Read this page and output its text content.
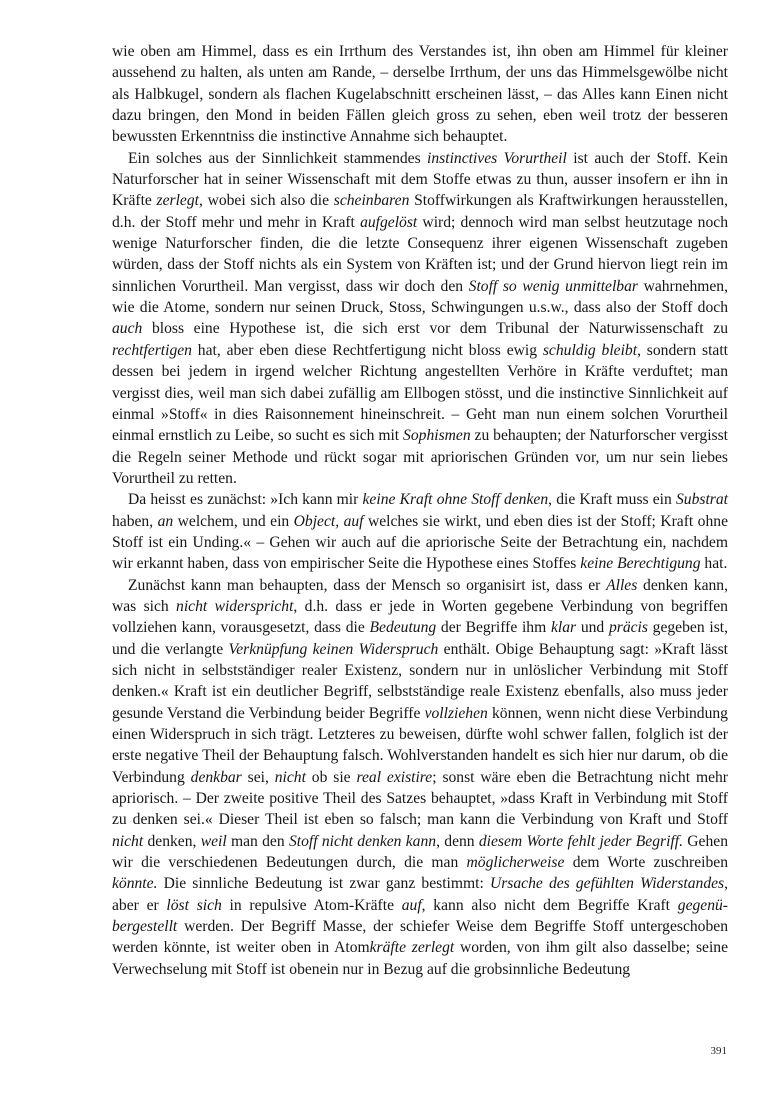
wie oben am Himmel, dass es ein Irrthum des Verstandes ist, ihn oben am Himmel für kleiner aussehend zu halten, als unten am Rande, – derselbe Irrthum, der uns das Himmelsgewölbe nicht als Halbkugel, sondern als flachen Kugelabschnitt erscheinen lässt, – das Alles kann Einen nicht dazu bringen, den Mond in beiden Fällen gleich gross zu sehen, eben weil trotz der besseren bewussten Erkenntniss die instinctive Annahme sich behauptet.

Ein solches aus der Sinnlichkeit stammendes instinctives Vorurtheil ist auch der Stoff. Kein Naturforscher hat in seiner Wissenschaft mit dem Stoffe etwas zu thun, ausser insofern er ihn in Kräfte zerlegt, wobei sich also die scheinbaren Stoffwirkungen als Kraftwirkungen herausstellen, d.h. der Stoff mehr und mehr in Kraft aufgelöst wird; dennoch wird man selbst heutzutage noch wenige Naturforscher finden, die die letzte Consequenz ihrer eigenen Wissenschaft zugeben würden, dass der Stoff nichts als ein System von Kräften ist; und der Grund hiervon liegt rein im sinnlichen Vorurtheil. Man vergisst, dass wir doch den Stoff so wenig unmittelbar wahrnehmen, wie die Atome, sondern nur seinen Druck, Stoss, Schwingungen u.s.w., dass also der Stoff doch auch bloss eine Hypothese ist, die sich erst vor dem Tribunal der Naturwissenschaft zu rechtfertigen hat, aber eben diese Rechtfertigung nicht bloss ewig schuldig bleibt, sondern statt dessen bei jedem in irgend welcher Richtung angestellten Verhöre in Kräfte verduftet; man vergisst dies, weil man sich dabei zufällig am Ellbogen stösst, und die instinctive Sinnlichkeit auf einmal »Stoff« in dies Raisonnement hineinschreit. – Geht man nun einem solchen Vorurtheil einmal ernstlich zu Leibe, so sucht es sich mit Sophismen zu behaupten; der Naturforscher vergisst die Regeln seiner Methode und rückt sogar mit apriorischen Gründen vor, um nur sein liebes Vorurtheil zu retten.

Da heisst es zunächst: »Ich kann mir keine Kraft ohne Stoff denken, die Kraft muss ein Substrat haben, an welchem, und ein Object, auf welches sie wirkt, und eben dies ist der Stoff; Kraft ohne Stoff ist ein Unding.« – Gehen wir auch auf die apriorische Seite der Betrachtung ein, nachdem wir erkannt haben, dass von empirischer Seite die Hypothese eines Stoffes keine Berechtigung hat.

Zunächst kann man behaupten, dass der Mensch so organisirt ist, dass er Alles denken kann, was sich nicht widerspricht, d.h. dass er jede in Worten gegebene Verbindung von begriffen vollziehen kann, vorausgesetzt, dass die Bedeutung der Begriffe ihm klar und präcis gegeben ist, und die verlangte Verknüpfung keinen Widerspruch enthält. Obige Behauptung sagt: »Kraft lässt sich nicht in selbstständiger realer Existenz, sondern nur in unlöslicher Verbindung mit Stoff denken.« Kraft ist ein deutlicher Begriff, selbstständige reale Existenz ebenfalls, also muss jeder gesunde Verstand die Verbindung beider Begriffe vollziehen können, wenn nicht diese Verbindung einen Widerspruch in sich trägt. Letzteres zu beweisen, dürfte wohl schwer fallen, folglich ist der erste negative Theil der Behauptung falsch. Wohlverstanden handelt es sich hier nur darum, ob die Verbindung denkbar sei, nicht ob sie real existire; sonst wäre eben die Betrachtung nicht mehr apriorisch. – Der zweite positive Theil des Satzes behauptet, »dass Kraft in Verbindung mit Stoff zu denken sei.« Dieser Theil ist eben so falsch; man kann die Verbindung von Kraft und Stoff nicht denken, weil man den Stoff nicht denken kann, denn diesem Worte fehlt jeder Begriff. Gehen wir die verschiedenen Bedeutungen durch, die man möglicherweise dem Worte zuschreiben könnte. Die sinnliche Bedeutung ist zwar ganz bestimmt: Ursache des gefühlten Widerstandes, aber er löst sich in repulsive Atom-Kräfte auf, kann also nicht dem Begriffe Kraft gegenübergestellt werden. Der Begriff Masse, der schiefer Weise dem Begriffe Stoff untergeschoben werden könnte, ist weiter oben in Atomkräfte zerlegt worden, von ihm gilt also dasselbe; seine Verwechselung mit Stoff ist obenein nur in Bezug auf die grobsinnliche Bedeutung

391
